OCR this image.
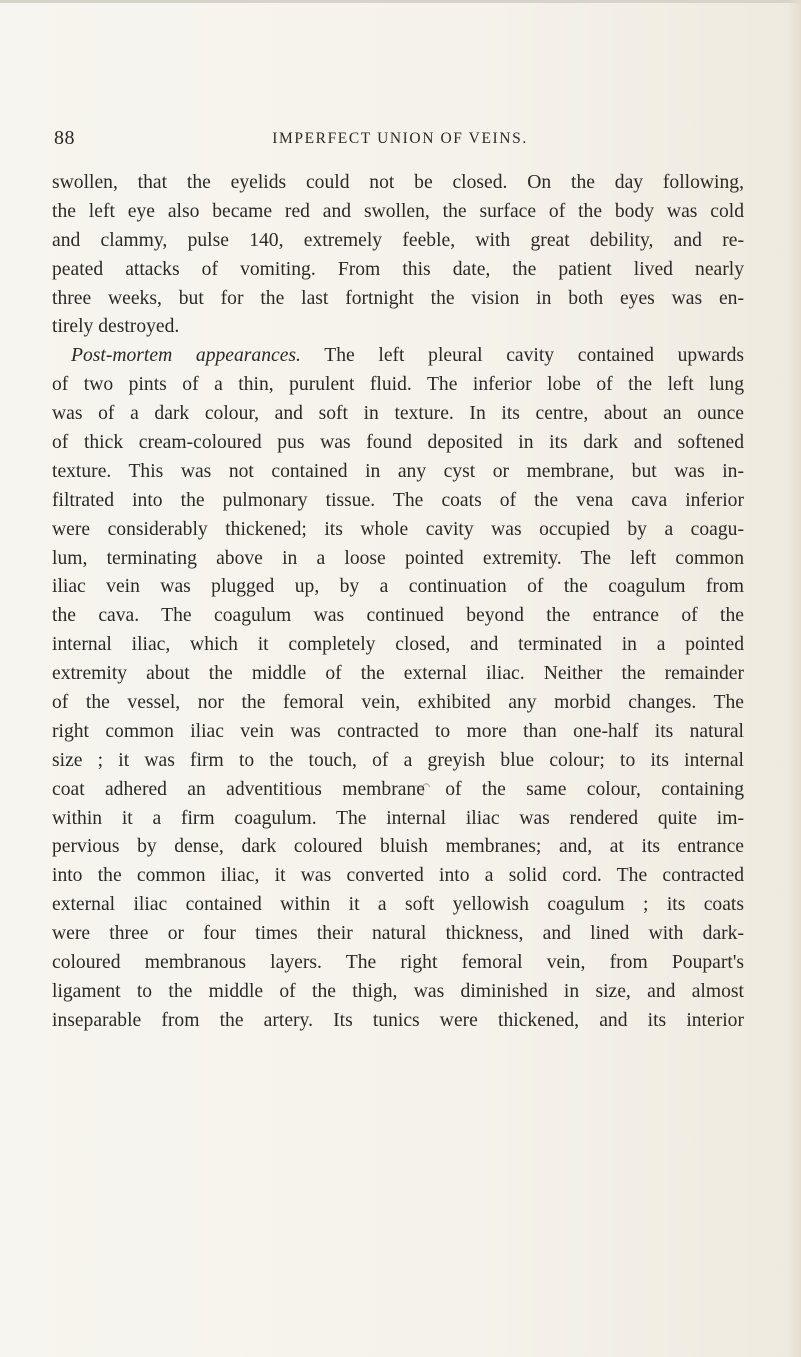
88	IMPERFECT UNION OF VEINS.
swollen, that the eyelids could not be closed. On the day following,
the left eye also became red and swollen, the surface of the body was cold
and clammy, pulse 140, extremely feeble, with great debility, and re-
peated attacks of vomiting. From this date, the patient lived nearly
three weeks, but for the last fortnight the vision in both eyes was en-
tirely destroyed.
Post-mortem appearances. The left pleural cavity contained upwards
of two pints of a thin, purulent fluid. The inferior lobe of the left lung
was of a dark colour, and soft in texture. In its centre, about an ounce
of thick cream-coloured pus was found deposited in its dark and softened
texture. This was not contained in any cyst or membrane, but was in-
filtrated into the pulmonary tissue. The coats of the vena cava inferior
were considerably thickened; its whole cavity was occupied by a coagu-
lum, terminating above in a loose pointed extremity. The left common
iliac vein was plugged up, by a continuation of the coagulum from
the cava. The coagulum was continued beyond the entrance of the
internal iliac, which it completely closed, and terminated in a pointed
extremity about the middle of the external iliac. Neither the remainder
of the vessel, nor the femoral vein, exhibited any morbid changes. The
right common iliac vein was contracted to more than one-half its natural
size ; it was firm to the touch, of a greyish blue colour; to its internal
coat adhered an adventitious membrane of the same colour, containing
within it a firm coagulum. The internal iliac was rendered quite im-
pervious by dense, dark coloured bluish membranes; and, at its entrance
into the common iliac, it was converted into a solid cord. The contracted
external iliac contained within it a soft yellowish coagulum ; its coats
were three or four times their natural thickness, and lined with dark-
coloured membranous layers. The right femoral vein, from Poupart's
ligament to the middle of the thigh, was diminished in size, and almost
inseparable from the artery. Its tunics were thickened, and its interior
